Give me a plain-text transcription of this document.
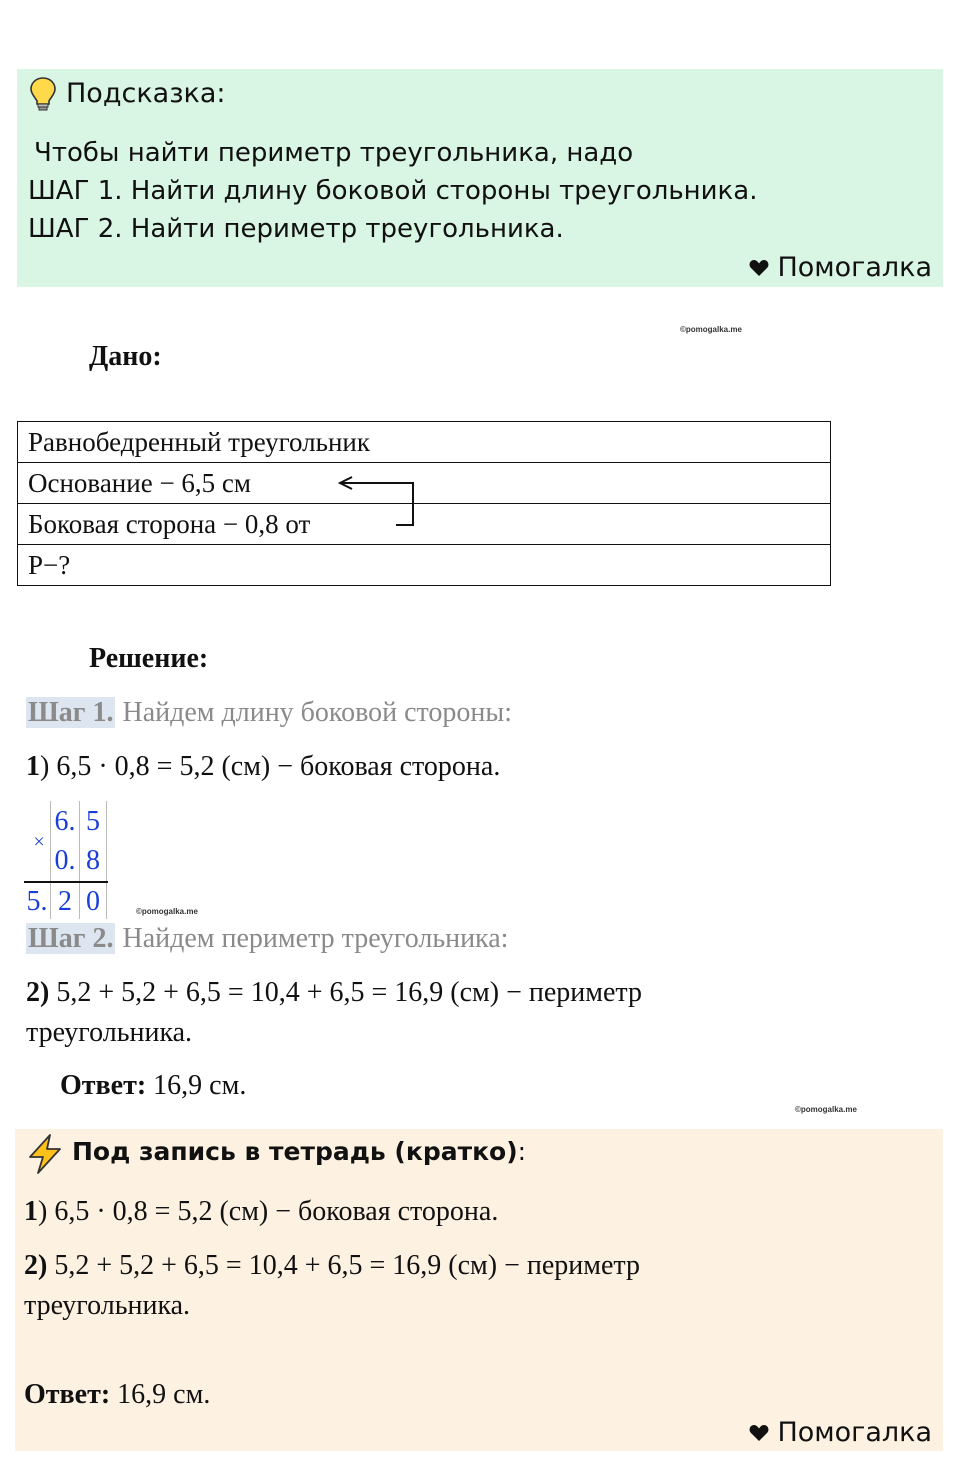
Подсказка:
Чтобы найти периметр треугольника, надо
ШАГ 1. Найти длину боковой стороны треугольника.
ШАГ 2. Найти периметр треугольника.
Помогалка
©pomogalka.me
Дано:
Равнобедренный треугольник
Основание − 6,5 см
Боковая сторона − 0,8 от
P−?
Решение:
Шаг 1. Найдем длину боковой стороны:
1) 6,5 · 0,8 = 5,2 (см) − боковая сторона.
×
6. 5
0. 8
5. 2 0	©pomogalka.me
Шаг 2. Найдем периметр треугольника:
2) 5,2 + 5,2 + 6,5 = 10,4 + 6,5 = 16,9 (см) − периметр
треугольника.
Ответ: 16,9 см.
©pomogalka.me
Под запись в тетрадь (кратко):
1) 6,5 · 0,8 = 5,2 (см) − боковая сторона.
2) 5,2 + 5,2 + 6,5 = 10,4 + 6,5 = 16,9 (см) − периметр
треугольника.
Ответ: 16,9 см.
Помогалка
